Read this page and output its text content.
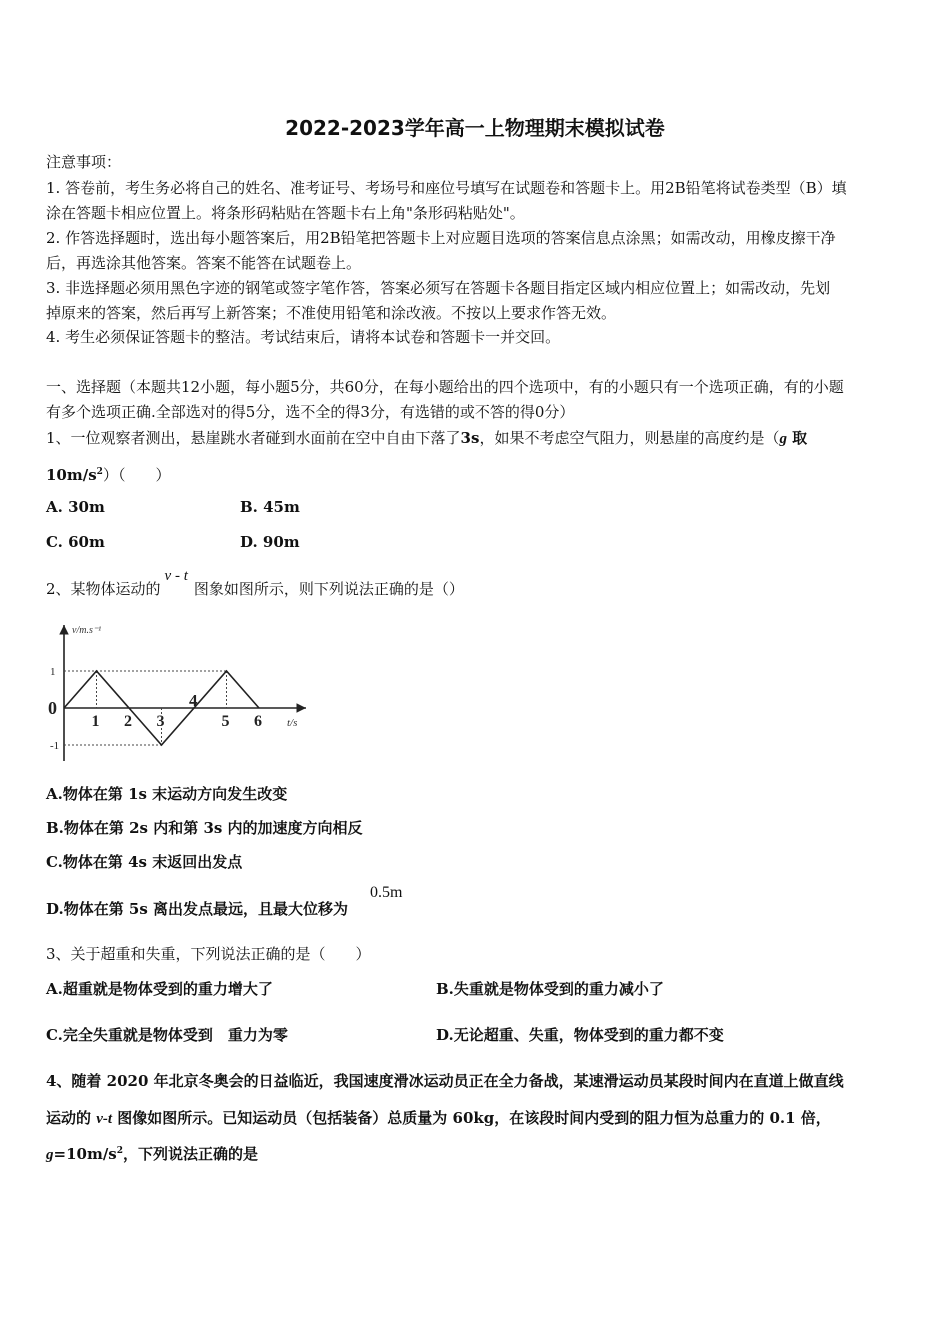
2022-2023学年高一上物理期末模拟试卷
注意事项：
1. 答卷前，考生务必将自己的姓名、准考证号、考场号和座位号填写在试题卷和答题卡上。用2B铅笔将试卷类型（B）填
涂在答题卡相应位置上。将条形码粘贴在答题卡右上角"条形码粘贴处"。
2. 作答选择题时，选出每小题答案后，用2B铅笔把答题卡上对应题目选项的答案信息点涂黑；如需改动，用橡皮擦干净
后，再选涂其他答案。答案不能答在试题卷上。
3. 非选择题必须用黑色字迹的钢笔或签字笔作答，答案必须写在答题卡各题目指定区域内相应位置上；如需改动，先划
掉原来的答案，然后再写上新答案；不准使用铅笔和涂改液。不按以上要求作答无效。
4. 考生必须保证答题卡的整洁。考试结束后，请将本试卷和答题卡一并交回。
一、选择题（本题共12小题，每小题5分，共60分，在每小题给出的四个选项中，有的小题只有一个选项正确，有的小题
有多个选项正确.全部选对的得5分，选不全的得3分，有选错的或不答的得0分）
1、一位观察者测出，悬崖跳水者碰到水面前在空中自由下落了3s，如果不考虑空气阻力，则悬崖的高度约是（g 取
$10m/s^2$）（　　）
A. 30m	B. 45m
C. 60m	D. 90m
2、某物体运动的v - t图象如图所示，则下列说法正确的是（）
v/m.s⁻¹
t/s
1
0
-1
1 2 3
4
5 6
A.物体在第 1s 末运动方向发生改变
B.物体在第 2s 内和第 3s 内的加速度方向相反
C.物体在第 4s 末返回出发点
D.物体在第 5s 离出发点最远，且最大位移为
0.5m
3、关于超重和失重，下列说法正确的是（　　）
A.超重就是物体受到的重力增大了	B.失重就是物体受到的重力减小了
C.完全失重就是物体受到　重力为零	D.无论超重、失重，物体受到的重力都不变
4、随着 2020 年北京冬奥会的日益临近，我国速度滑冰运动员正在全力备战，某速滑运动员某段时间内在直道上做直线
运动的 v-t 图像如图所示。已知运动员（包括装备）总质量为 60kg，在该段时间内受到的阻力恒为总重力的 0.1 倍，
$g=10m/s^2$，下列说法正确的是
